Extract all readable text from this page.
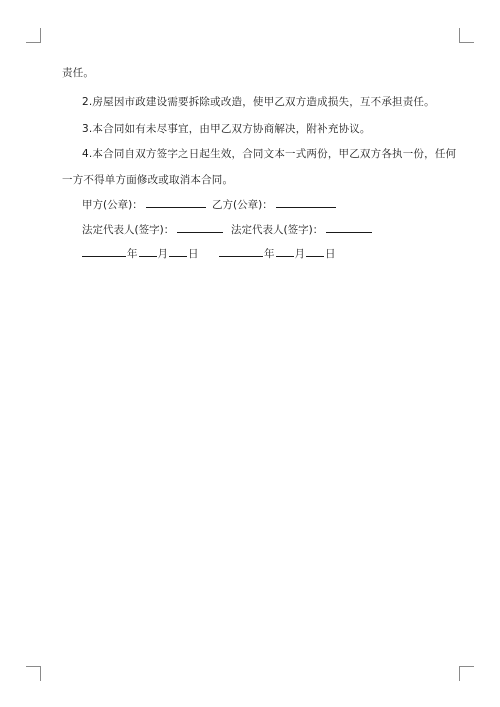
责任。
2.房屋因市政建设需要拆除或改造，使甲乙双方造成损失，互不承担责任。
3.本合同如有未尽事宜，由甲乙双方协商解决，附补充协议。
4.本合同自双方签字之日起生效，合同文本一式两份，甲乙双方各执一份，任何
一方不得单方面修改或取消本合同。
甲方(公章)：	乙方(公章)：
法定代表人(签字)：	法定代表人(签字)：
年 月 日	年 月 日
